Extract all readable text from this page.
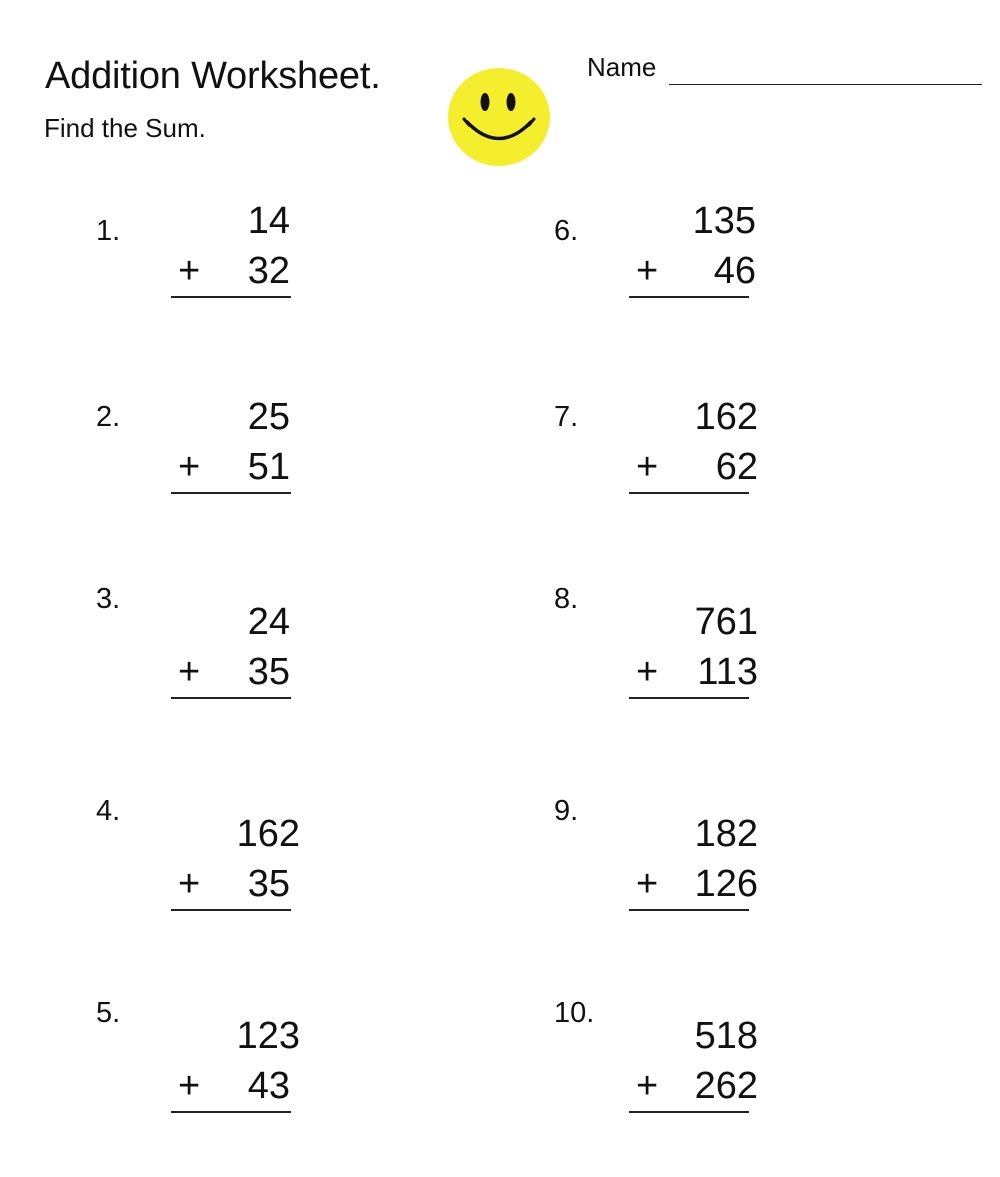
Addition Worksheet.
Find the Sum.
Name
1.	14
+ 32
2.	25
+ 51
3.
24
+ 35
4.
162
+ 35
5.
123
+ 43
6.	135
+ 46
7.	162
+ 62
8.
761
+ 113
9.
182
+ 126
10.
518
+ 262
